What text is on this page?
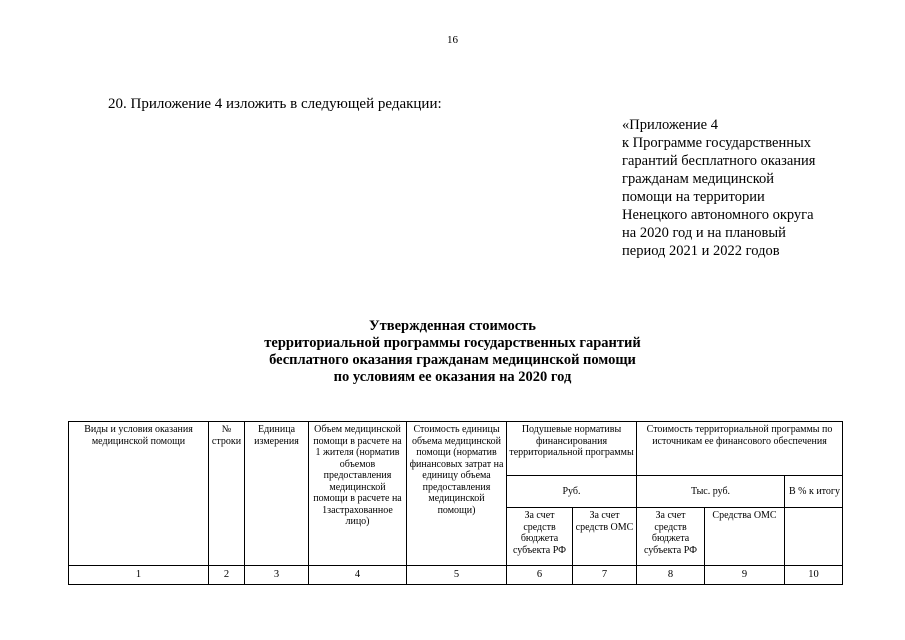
16
20. Приложение 4 изложить в следующей редакции:
«Приложение 4
к Программе государственных
гарантий бесплатного оказания
гражданам медицинской
помощи на территории
Ненецкого автономного округа
на 2020 год и на плановый
период 2021 и 2022 годов
Утвержденная стоимость
территориальной программы государственных гарантий
бесплатного оказания гражданам медицинской помощи
по условиям ее оказания на 2020 год
Виды и условия оказания медицинской помощи	№ строки	Единица измерения	Объем медицинской помощи в расчете на 1 жителя (норматив объемов предоставления медицинской помощи в расчете на 1застрахованное лицо)	Стоимость единицы объема медицинской помощи (норматив финансовых затрат на единицу объема предоставления медицинской помощи)	Подушевые нормативы финансирования территориальной программы		Стоимость территориальной программы по источникам ее финансового обеспечения		
					Руб.		Тыс. руб.		В % к итогу
					За счет средств бюджета субъекта РФ	За счет средств ОМС	За счет средств бюджета субъекта РФ	Средства ОМС	
1	2	3	4	5	6	7	8	9	10
